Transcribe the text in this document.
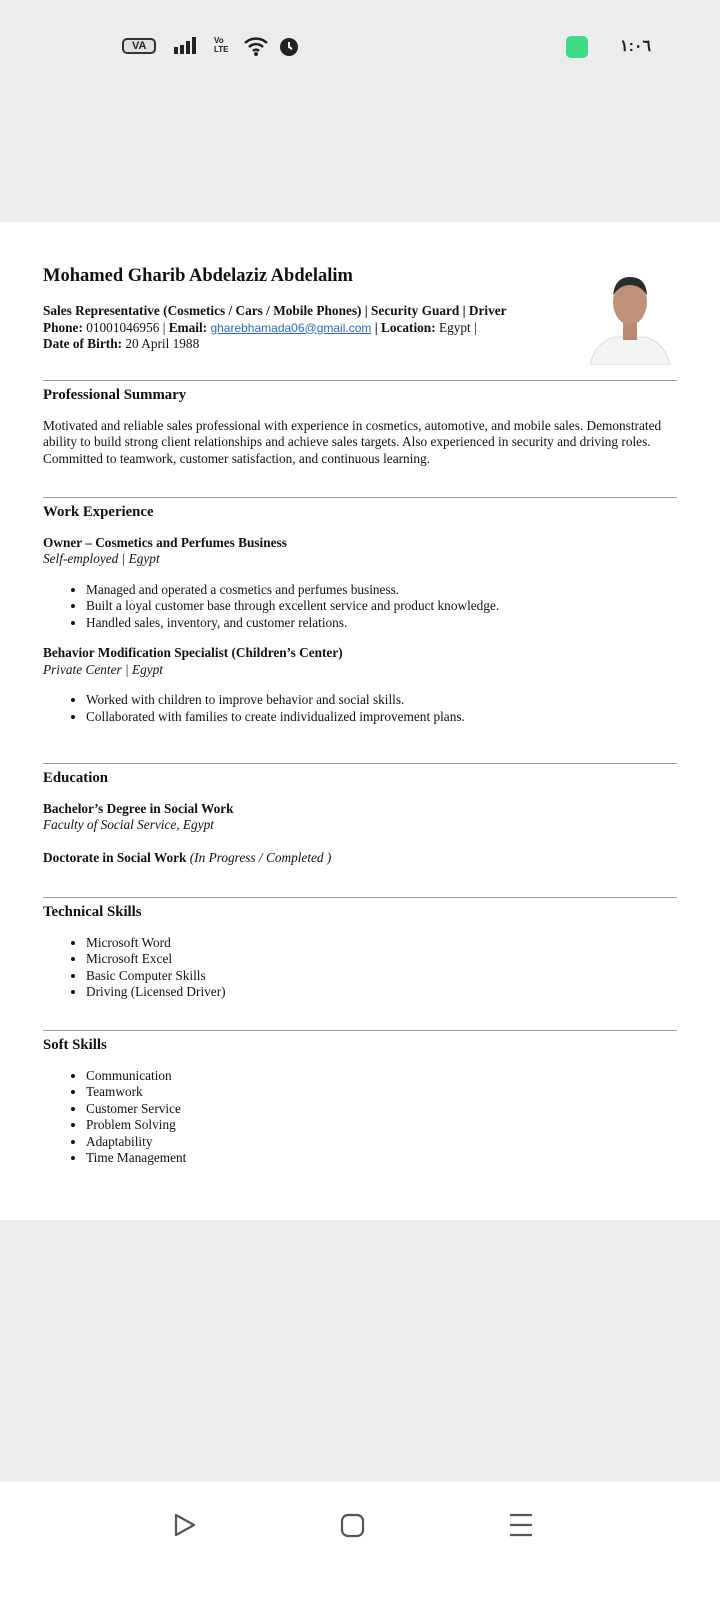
VA	Vo LTE	١:٠٦
Mohamed Gharib Abdelaziz Abdelalim
Sales Representative (Cosmetics / Cars / Mobile Phones) | Security Guard | Driver
Phone: 01001046956 | Email: gharebhamada06@gmail.com | Location: Egypt |
Date of Birth: 20 April 1988
Professional Summary
Motivated and reliable sales professional with experience in cosmetics, automotive, and mobile sales. Demonstrated ability to build strong client relationships and achieve sales targets. Also experienced in security and driving roles. Committed to teamwork, customer satisfaction, and continuous learning.
Work Experience
Owner – Cosmetics and Perfumes Business
Self-employed | Egypt
• Managed and operated a cosmetics and perfumes business.
• Built a loyal customer base through excellent service and product knowledge.
• Handled sales, inventory, and customer relations.
Behavior Modification Specialist (Children’s Center)
Private Center | Egypt
• Worked with children to improve behavior and social skills.
• Collaborated with families to create individualized improvement plans.
Education
Bachelor’s Degree in Social Work
Faculty of Social Service, Egypt
Doctorate in Social Work (In Progress / Completed )
Technical Skills
• Microsoft Word
• Microsoft Excel
• Basic Computer Skills
• Driving (Licensed Driver)
Soft Skills
• Communication
• Teamwork
• Customer Service
• Problem Solving
• Adaptability
• Time Management
